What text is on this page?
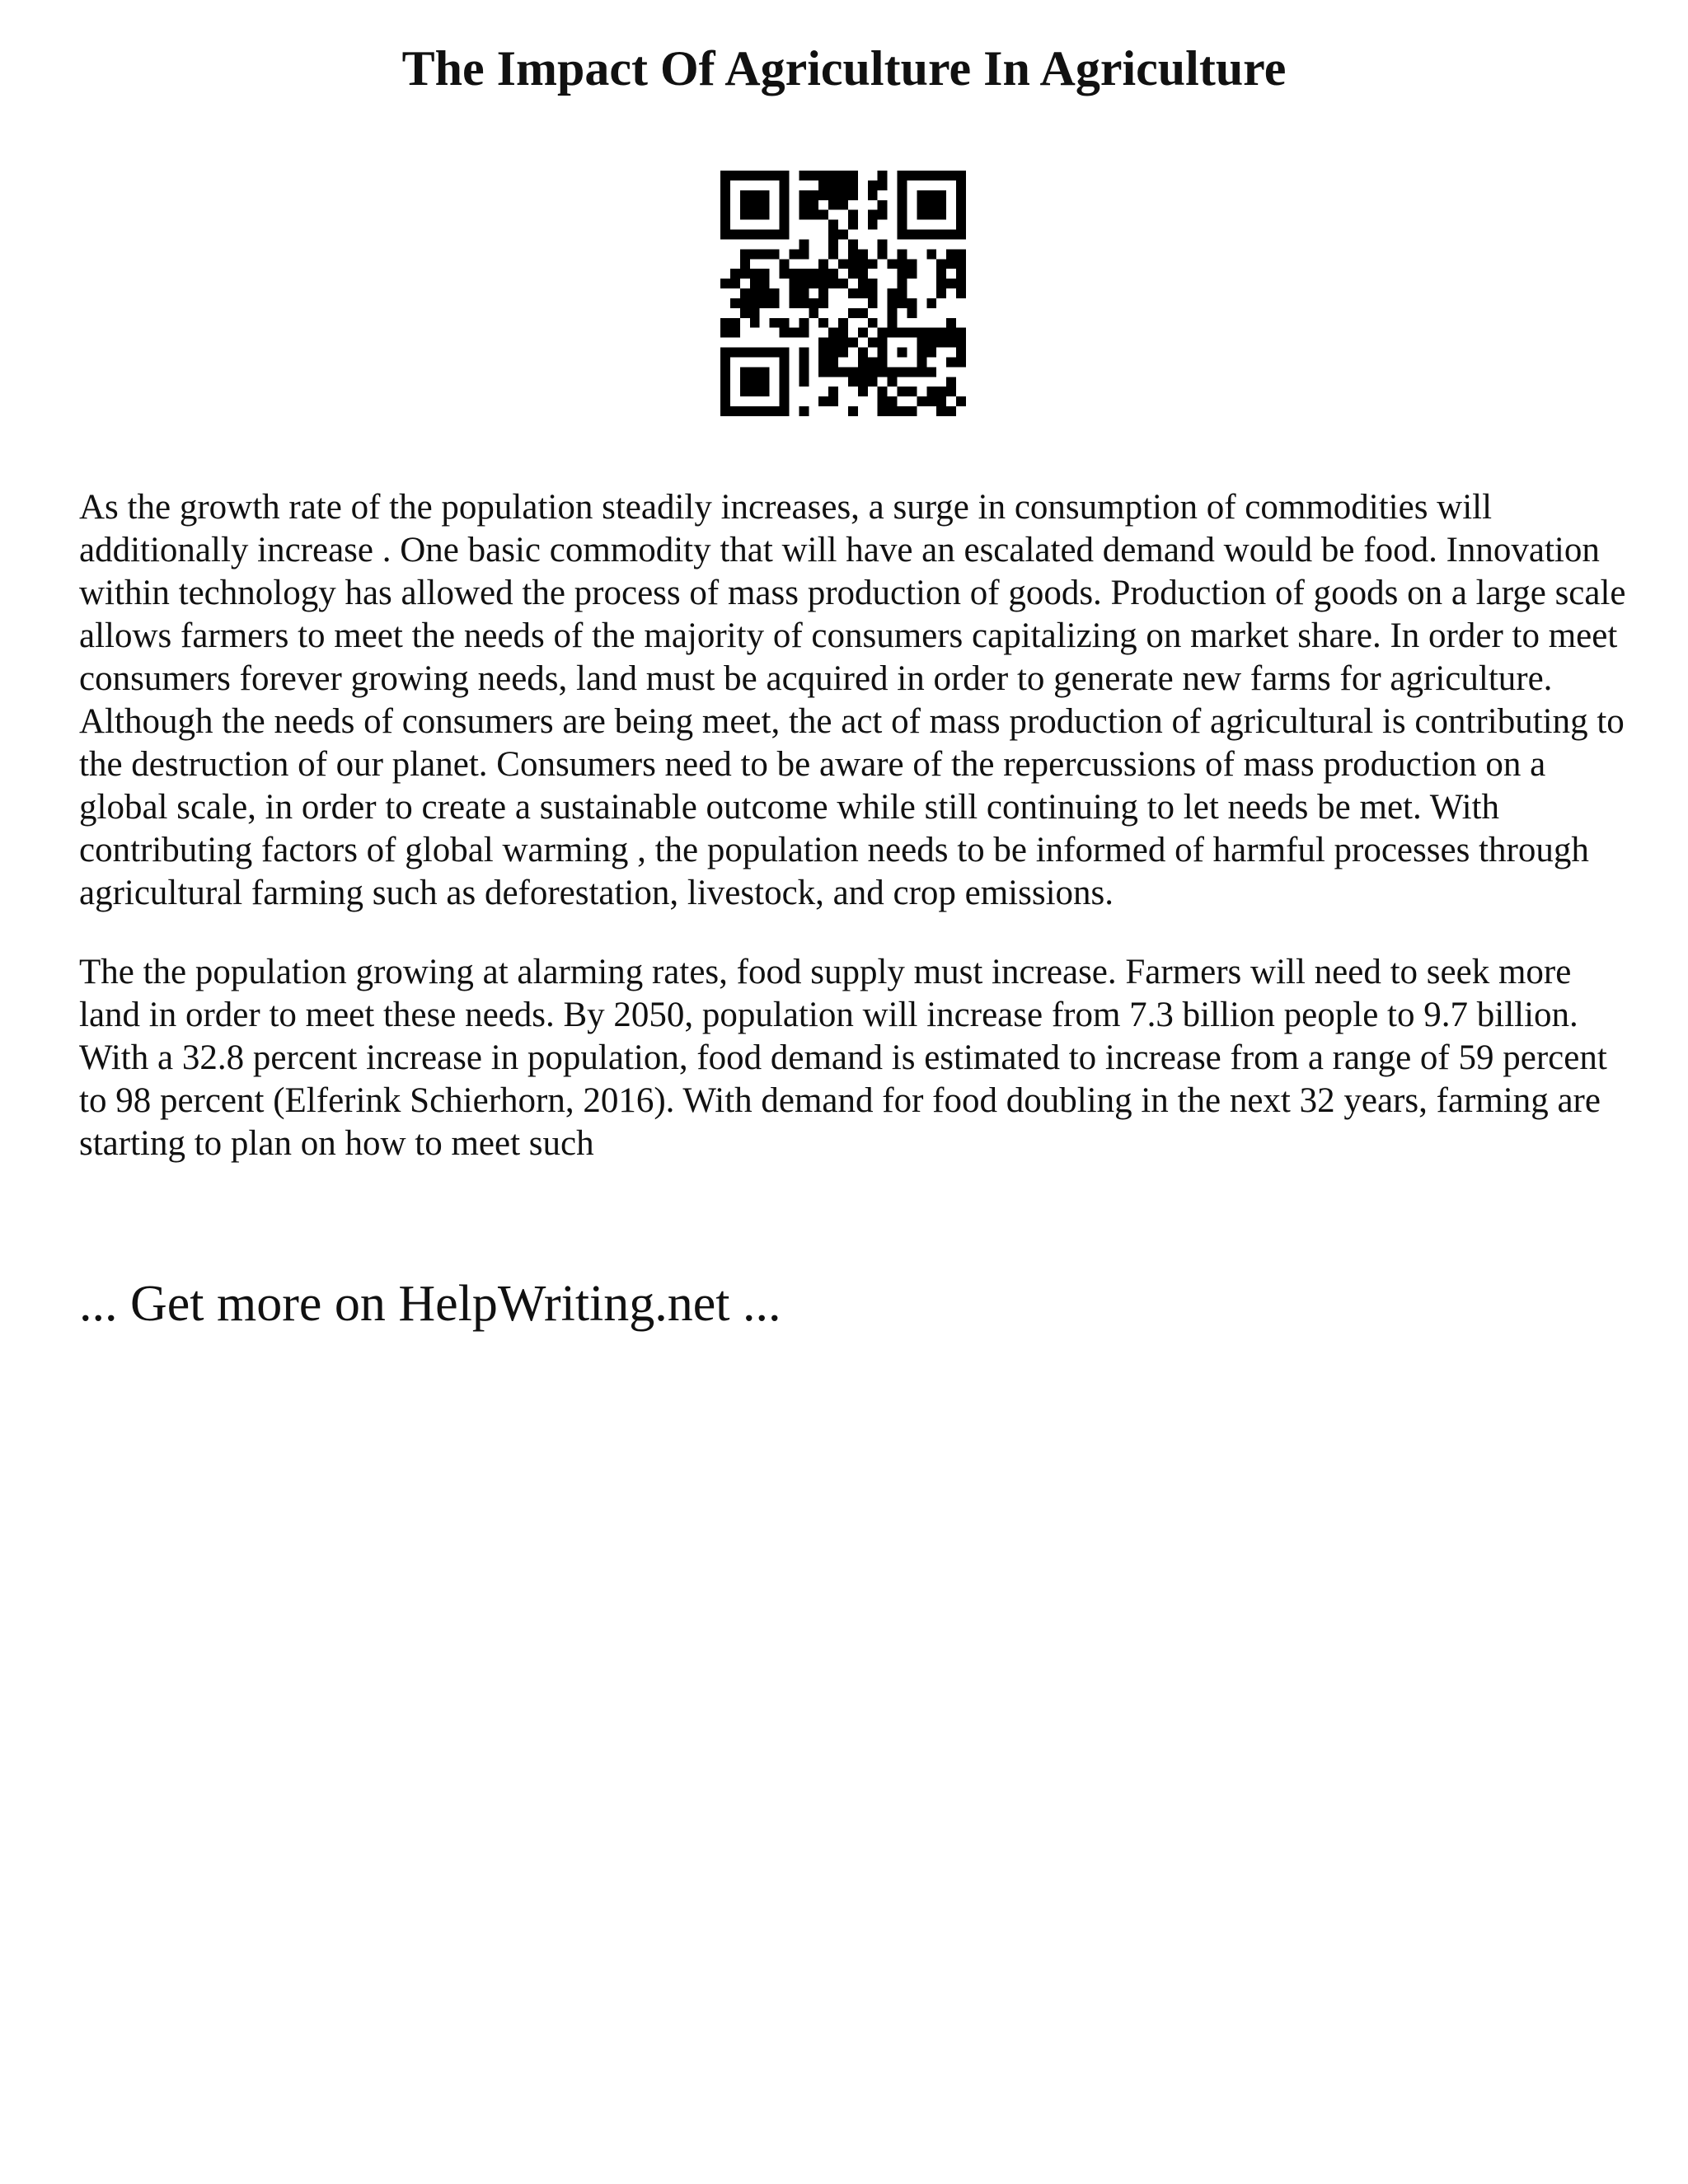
The Impact Of Agriculture In Agriculture

As the growth rate of the population steadily increases, a surge in consumption of commodities will additionally increase . One basic commodity that will have an escalated demand would be food. Innovation within technology has allowed the process of mass production of goods. Production of goods on a large scale allows farmers to meet the needs of the majority of consumers capitalizing on market share. In order to meet consumers forever growing needs, land must be acquired in order to generate new farms for agriculture. Although the needs of consumers are being meet, the act of mass production of agricultural is contributing to the destruction of our planet. Consumers need to be aware of the repercussions of mass production on a global scale, in order to create a sustainable outcome while still continuing to let needs be met. With contributing factors of global warming , the population needs to be informed of harmful processes through agricultural farming such as deforestation, livestock, and crop emissions.

The the population growing at alarming rates, food supply must increase. Farmers will need to seek more land in order to meet these needs. By 2050, population will increase from 7.3 billion people to 9.7 billion. With a 32.8 percent increase in population, food demand is estimated to increase from a range of 59 percent to 98 percent (Elferink Schierhorn, 2016). With demand for food doubling in the next 32 years, farming are starting to plan on how to meet such

... Get more on HelpWriting.net ...
